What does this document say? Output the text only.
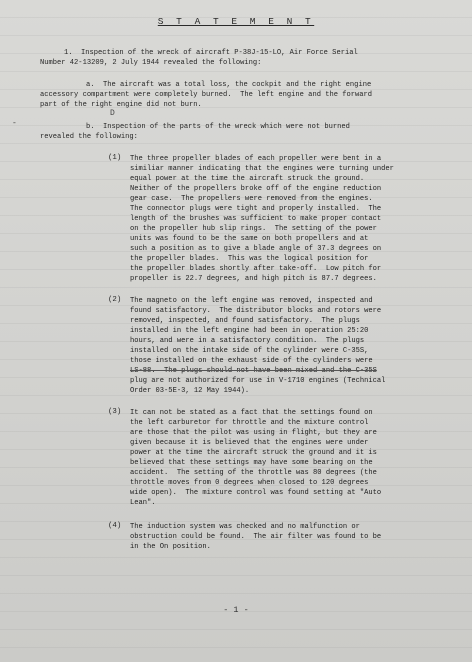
S T A T E M E N T
1.  Inspection of the wreck of aircraft P-38J-15-LO, Air Force Serial
Number 42-13209, 2 July 1944 revealed the following:
a.  The aircraft was a total loss, the cockpit and the right engine
accessory compartment were completely burned.  The left engine and the forward
part of the right engine did not burn.
D
-	b.  Inspection of the parts of the wreck which were not burned
revealed the following:
(1) The three propeller blades of each propeller were bent in a
similiar manner indicating that the engines were turning under
equal power at the time the aircraft struck the ground.
Neither of the propellers broke off of the engine reduction
gear case.  The propellers were removed from the engines.
The connector plugs were tight and properly installed.  The
length of the brushes was sufficient to make proper contact
on the propeller hub slip rings.  The setting of the power
units was found to be the same on both propellers and at
such a position as to give a blade angle of 37.3 degrees on
the propeller blades.  This was the logical position for
the propeller blades shortly after take-off.  Low pitch for
propeller is 22.7 degrees, and high pitch is 87.7 degrees.
(2) The magneto on the left engine was removed, inspected and
found satisfactory.  The distributor blocks and rotors were
removed, inspected, and found satisfactory.  The plugs
installed in the left engine had been in operation 25:20
hours, and were in a satisfactory condition.  The plugs
installed on the intake side of the cylinder were C-35S,
those installed on the exhaust side of the cylinders were
LS-88.  The plugs should not have been mixed and the C-35S
plug are not authorized for use in V-1710 engines (Technical
Order 03-5E-3, 12 May 1944).
(3) It can not be stated as a fact that the settings found on
the left carburetor for throttle and the mixture control
are those that the pilot was using in flight, but they are
given because it is believed that the engines were under
power at the time the aircraft struck the ground and it is
believed that these settings may have some bearing on the
accident.  The setting of the throttle was 80 degrees (the
throttle moves from 0 degrees when closed to 120 degrees
wide open).  The mixture control was found setting at "Auto
Lean".
(4) The induction system was checked and no malfunction or
obstruction could be found.  The air filter was found to be
in the On position.
- 1 -
